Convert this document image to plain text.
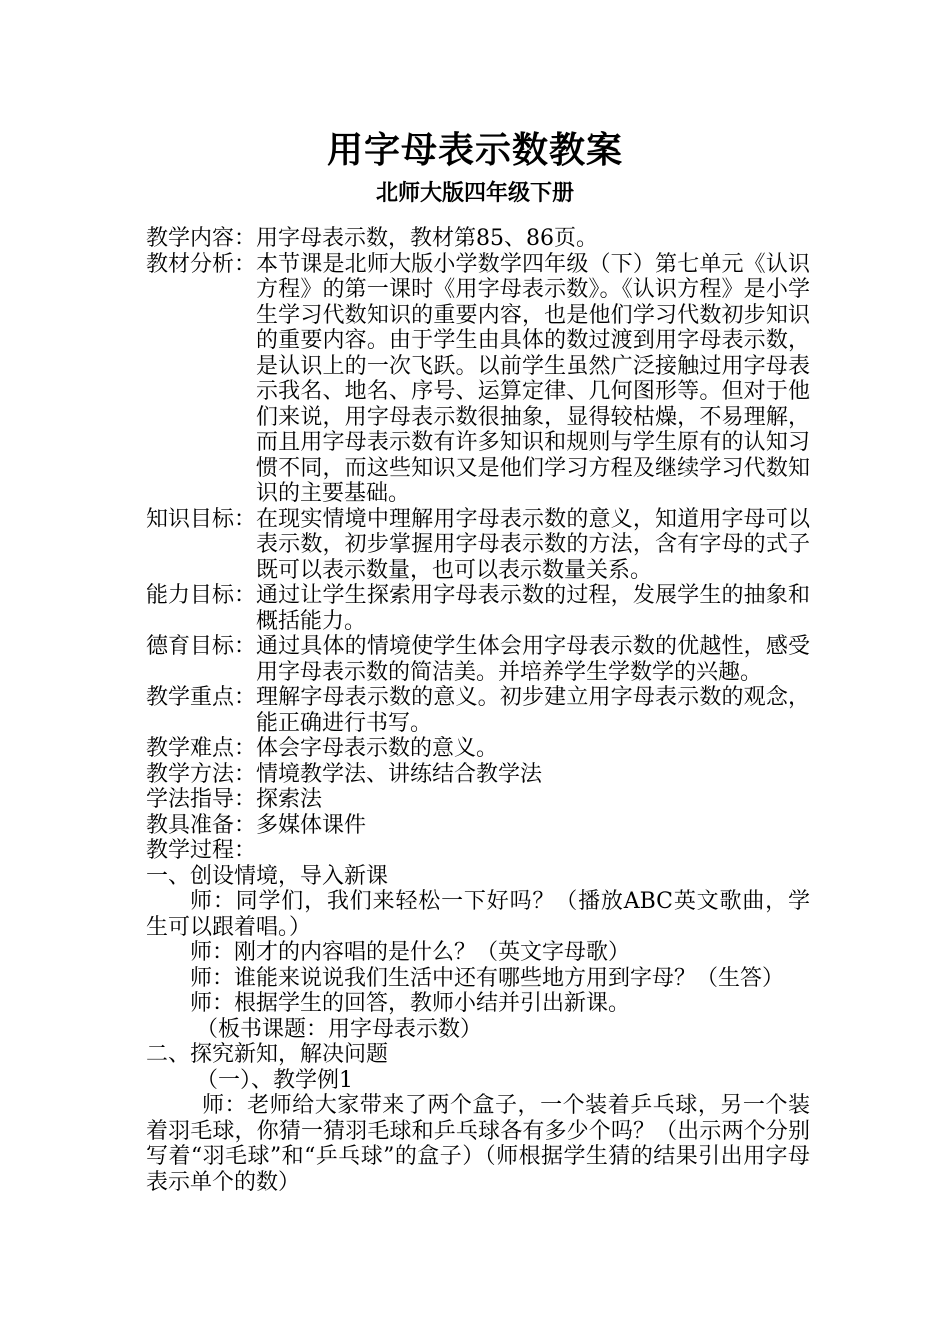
用字母表示数教案
北师大版四年级下册
教学内容： 用字母表示数，教材第85、86页。
教材分析： 本节课是北师大版小学数学四年级（下）第七单元《认识方程》的第一课时《用字母表示数》。《认识方程》是小学生学习代数知识的重要内容，也是他们学习代数初步知识的重要内容。由于学生由具体的数过渡到用字母表示数，是认识上的一次飞跃。以前学生虽然广泛接触过用字母表示我名、地名、序号、运算定律、几何图形等。但对于他们来说，用字母表示数很抽象，显得较枯燥，不易理解，而且用字母表示数有许多知识和规则与学生原有的认知习惯不同，而这些知识又是他们学习方程及继续学习代数知识的主要基础。
知识目标： 在现实情境中理解用字母表示数的意义，知道用字母可以表示数，初步掌握用字母表示数的方法，含有字母的式子既可以表示数量，也可以表示数量关系。
能力目标： 通过让学生探索用字母表示数的过程，发展学生的抽象和概括能力。
德育目标： 通过具体的情境使学生体会用字母表示数的优越性，感受用字母表示数的简洁美。并培养学生学数学的兴趣。
教学重点： 理解字母表示数的意义。初步建立用字母表示数的观念，能正确进行书写。
教学难点： 体会字母表示数的意义。
教学方法： 情境教学法、讲练结合教学法
学法指导： 探索法
教具准备： 多媒体课件
教学过程：
一、创设情境，导入新课
师：同学们，我们来轻松一下好吗？（播放ABC英文歌曲，学生可以跟着唱。）
师：刚才的内容唱的是什么？（英文字母歌）
师：谁能来说说我们生活中还有哪些地方用到字母？（生答）
师：根据学生的回答，教师小结并引出新课。
（板书课题：用字母表示数）
二、探究新知，解决问题
（一）、教学例1
师：老师给大家带来了两个盒子，一个装着乒乓球，另一个装着羽毛球，你猜一猜羽毛球和乒乓球各有多少个吗？（出示两个分别写着“羽毛球”和“乒乓球”的盒子）（师根据学生猜的结果引出用字母表示单个的数）
